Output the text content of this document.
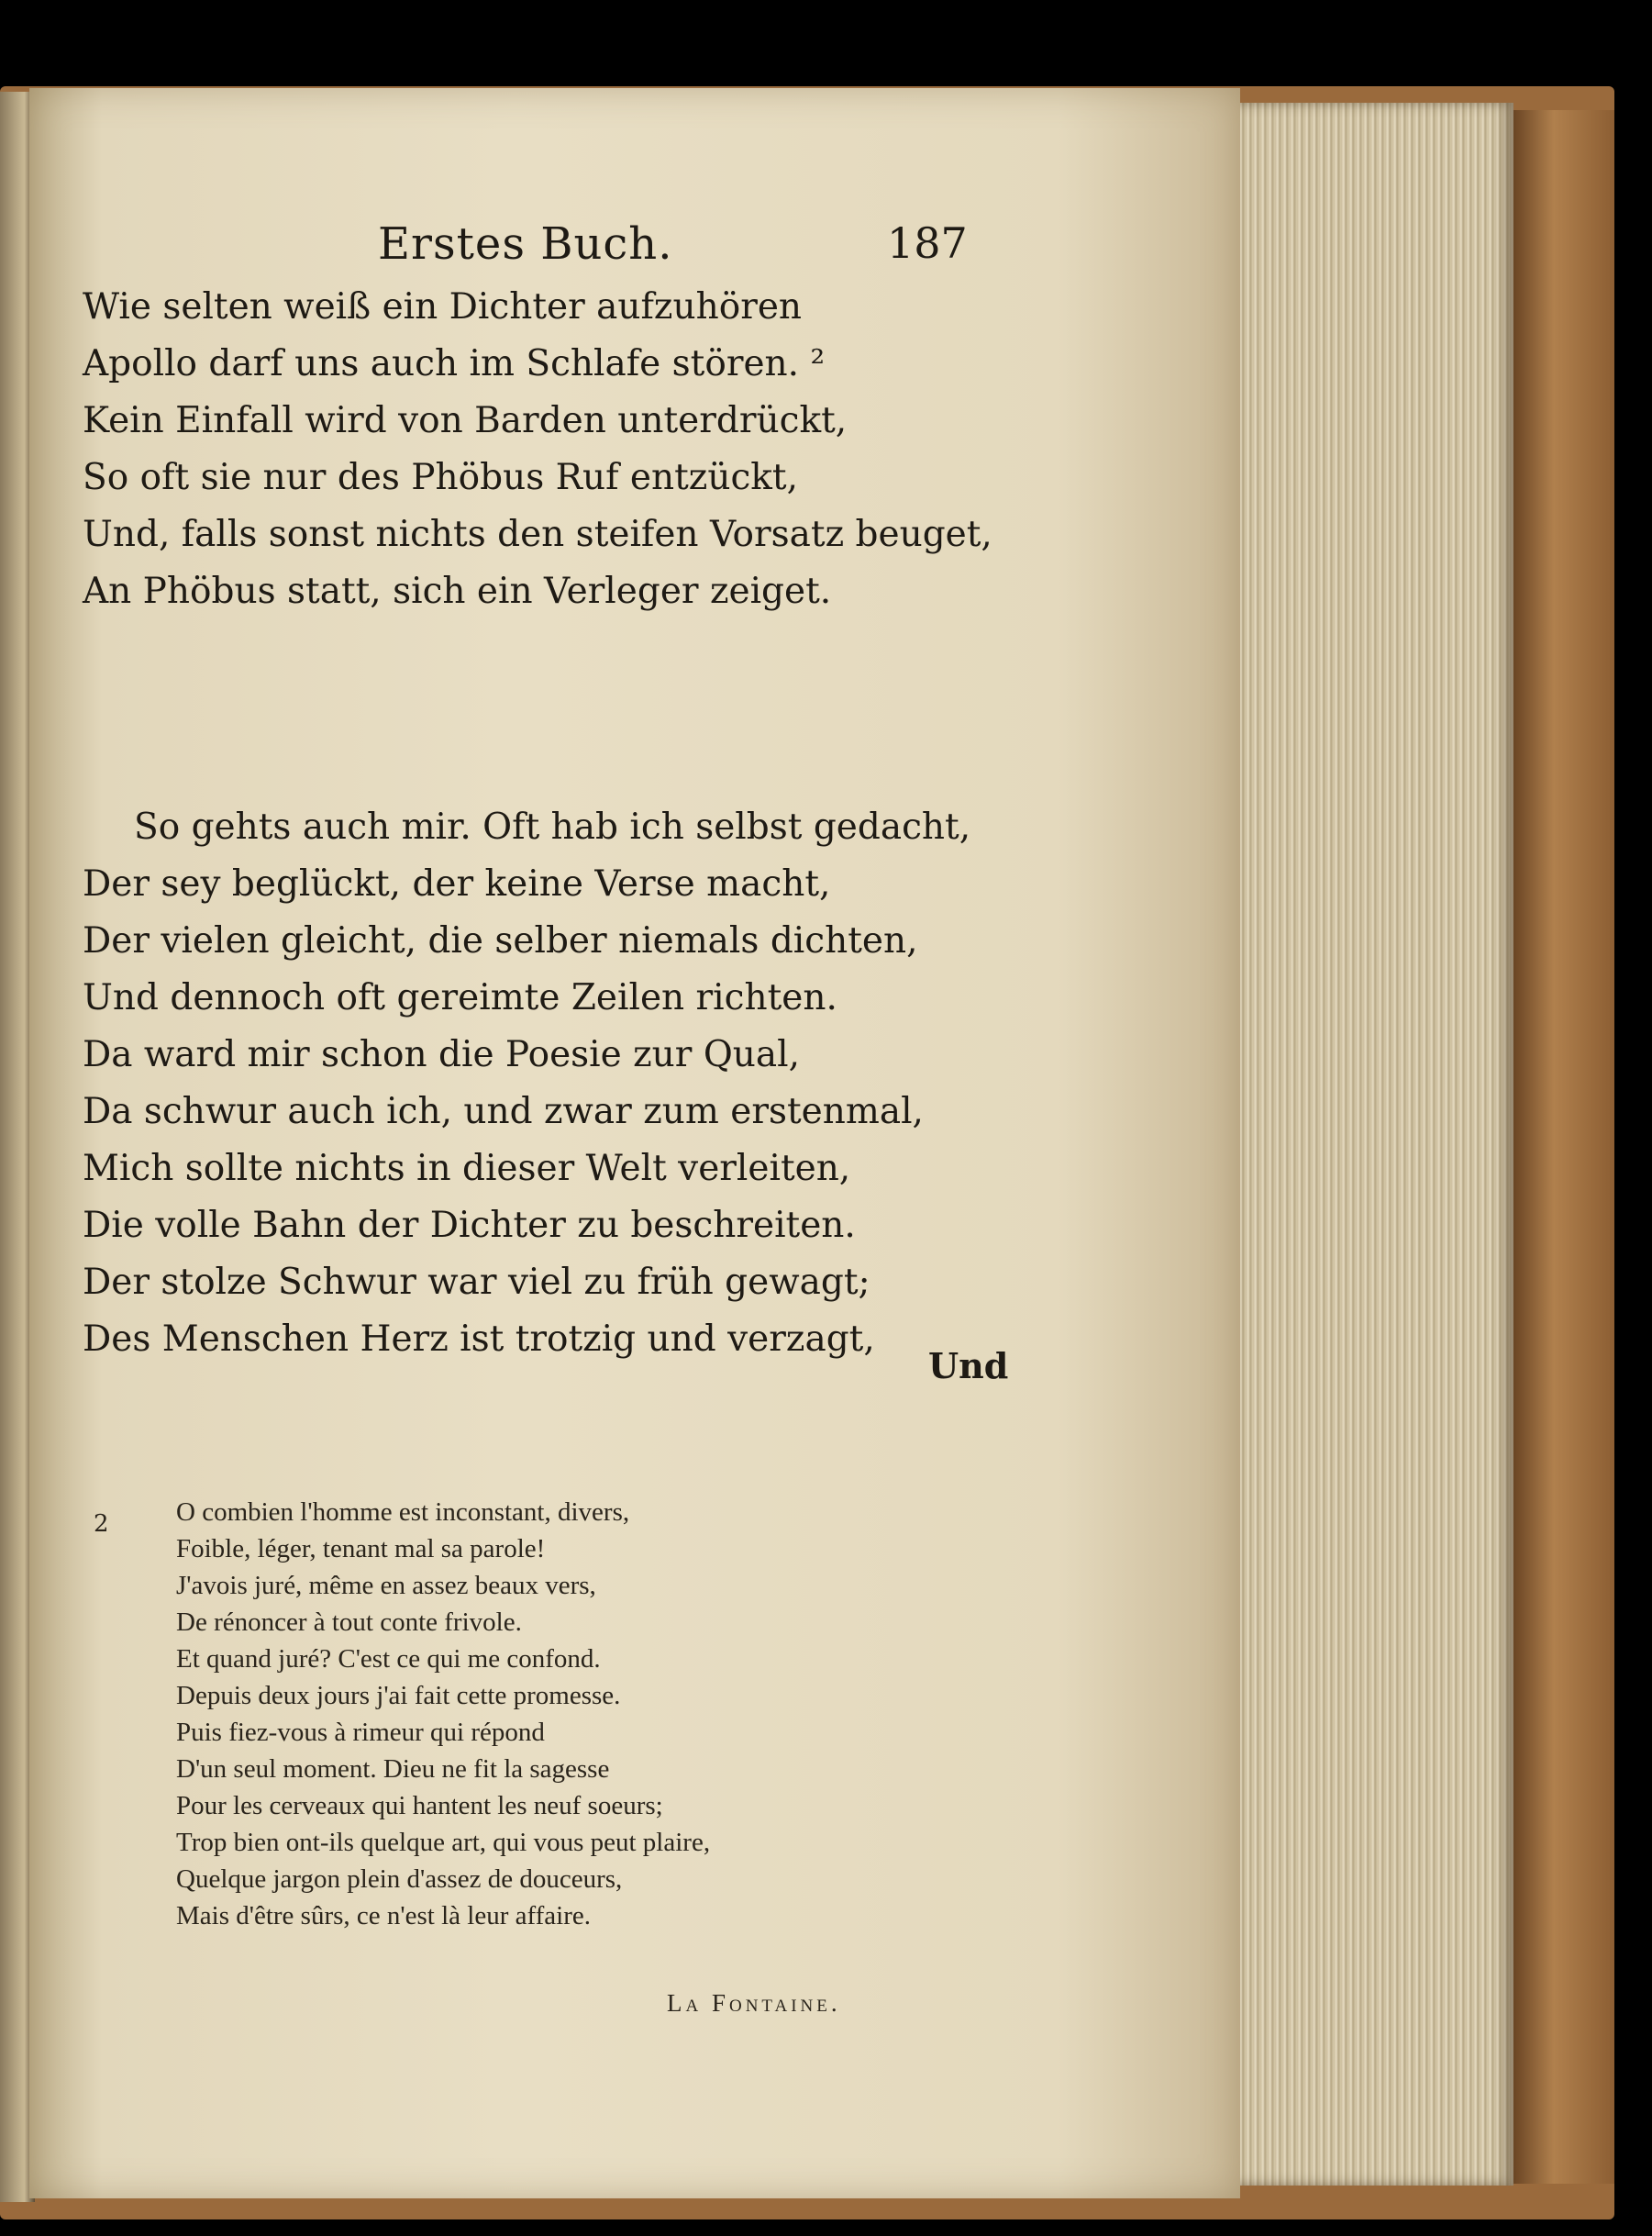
Erstes Buch.	187
Wie selten weiß ein Dichter aufzuhören
Apollo darf uns auch im Schlafe stören. ²
Kein Einfall wird von Barden unterdrückt,
So oft sie nur des Phöbus Ruf entzückt,
Und, falls sonst nichts den steifen Vorsatz beuget,
An Phöbus statt, sich ein Verleger zeiget.
So gehts auch mir. Oft hab ich selbst gedacht,
Der sey beglückt, der keine Verse macht,
Der vielen gleicht, die selber niemals dichten,
Und dennoch oft gereimte Zeilen richten.
Da ward mir schon die Poesie zur Qual,
Da schwur auch ich, und zwar zum erstenmal,
Mich sollte nichts in dieser Welt verleiten,
Die volle Bahn der Dichter zu beschreiten.
Der stolze Schwur war viel zu früh gewagt;
Des Menschen Herz ist trotzig und verzagt,
Und
2	O combien l'homme est inconstant, divers,
Foible, léger, tenant mal sa parole!
J'avois juré, même en assez beaux vers,
De rénoncer à tout conte frivole.
Et quand juré? C'est ce qui me confond.
Depuis deux jours j'ai fait cette promesse.
Puis fiez-vous à rimeur qui répond
D'un seul moment. Dieu ne fit la sagesse
Pour les cerveaux qui hantent les neuf soeurs;
Trop bien ont-ils quelque art, qui vous peut plaire,
Quelque jargon plein d'assez de douceurs,
Mais d'être sûrs, ce n'est là leur affaire.
La Fontaine.
